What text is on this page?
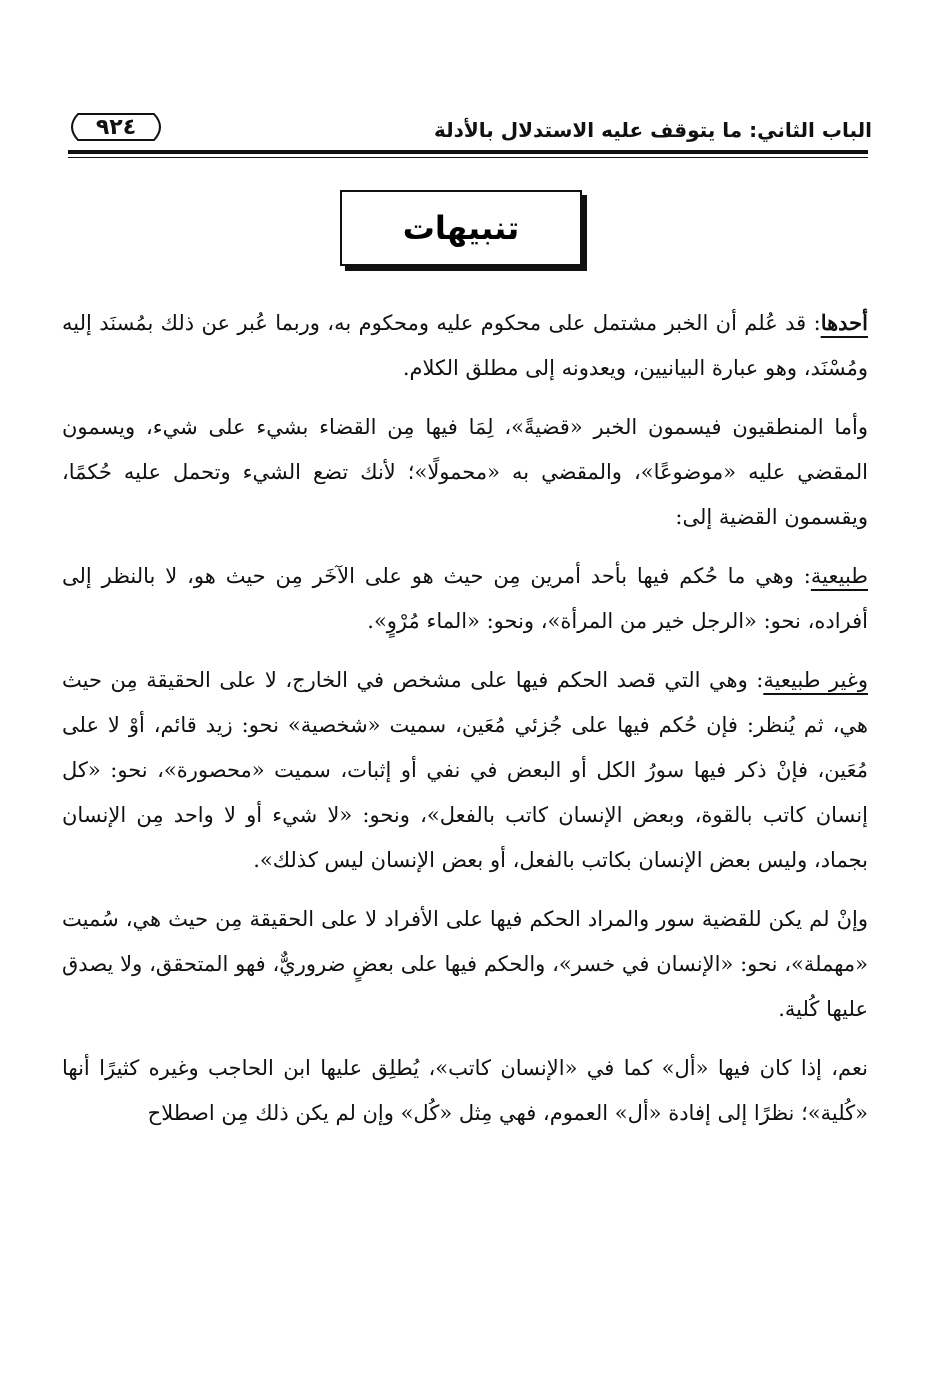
الباب الثاني: ما يتوقف عليه الاستدلال بالأدلة
٩٢٤
تنبيهات

أحدها: قد عُلم أن الخبر مشتمل على محكوم عليه ومحكوم به، وربما عُبر عن ذلك بمُسنَد إليه ومُسْنَد، وهو عبارة البيانيين، ويعدونه إلى مطلق الكلام.

وأما المنطقيون فيسمون الخبر «قضيةً»، لِمَا فيها مِن القضاء بشيء على شيء، ويسمون المقضي عليه «موضوعًا»، والمقضي به «محمولًا»؛ لأنك تضع الشيء وتحمل عليه حُكمًا، ويقسمون القضية إلى:

طبيعية: وهي ما حُكم فيها بأحد أمرين مِن حيث هو على الآخَر مِن حيث هو، لا بالنظر إلى أفراده، نحو: «الرجل خير من المرأة»، ونحو: «الماء مُرْوٍ».

وغير طبيعية: وهي التي قصد الحكم فيها على مشخص في الخارج، لا على الحقيقة مِن حيث هي، ثم يُنظر: فإن حُكم فيها على جُزئي مُعَين، سميت «شخصية» نحو: زيد قائم، أوْ لا على مُعَين، فإنْ ذكر فيها سورُ الكل أو البعض في نفي أو إثبات، سميت «محصورة»، نحو: «كل إنسان كاتب بالقوة، وبعض الإنسان كاتب بالفعل»، ونحو: «لا شيء أو لا واحد مِن الإنسان بجماد، وليس بعض الإنسان بكاتب بالفعل، أو بعض الإنسان ليس كذلك».

وإنْ لم يكن للقضية سور والمراد الحكم فيها على الأفراد لا على الحقيقة مِن حيث هي، سُميت «مهملة»، نحو: «الإنسان في خسر»، والحكم فيها على بعضٍ ضروريٌّ، فهو المتحقق، ولا يصدق عليها كُلية.

نعم، إذا كان فيها «أل» كما في «الإنسان كاتب»، يُطلِق عليها ابن الحاجب وغيره كثيرًا أنها «كُلية»؛ نظرًا إلى إفادة «أل» العموم، فهي مِثل «كُل» وإن لم يكن ذلك مِن اصطلاح
